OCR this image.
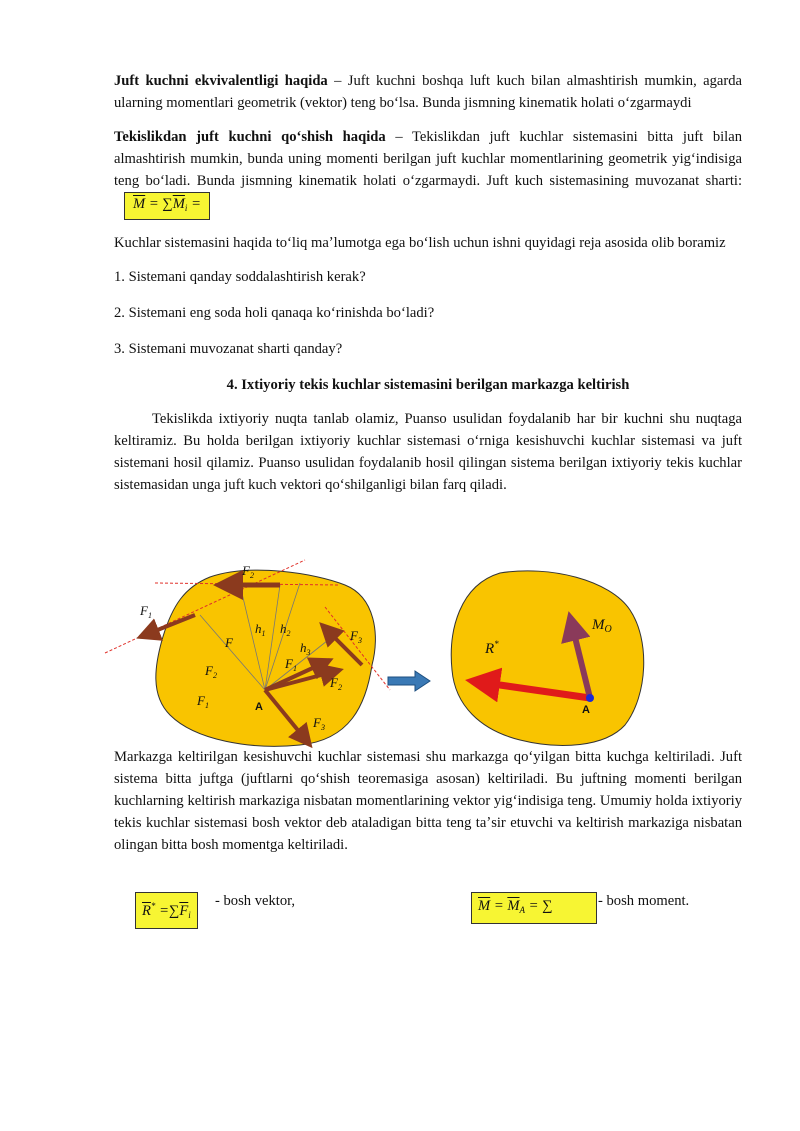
Juft kuchni ekvivalentligi haqida – Juft kuchni boshqa luft kuch bilan almashtirish mumkin, agarda ularning momentlari geometrik (vektor) teng boʻlsa. Bunda jismning kinematik holati oʻzgarmaydi

Tekislikdan juft kuchni qoʻshish haqida – Tekislikdan juft kuchlar sistemasini bitta juft bilan almashtirish mumkin, bunda uning momenti berilgan juft kuchlar momentlarining geometrik yigʻindisiga teng boʻladi. Bunda jismning kinematik holati oʻzgarmaydi. Juft kuch sistemasining muvozanat $sharti:\overline{M} = \sum\overline{M}_i$ =

Kuchlar sistemasini haqida toʻliq maʼlumotga ega boʻlish uchun ishni quyidagi reja asosida olib boramiz

1. Sistemani qanday soddalashtirish kerak?

2. Sistemani eng soda holi qanaqa koʻrinishda boʻladi?

3. Sistemani muvozanat sharti qanday?

4. Ixtiyoriy tekis kuchlar sistemasini berilgan markazga keltirish

Tekislikda ixtiyoriy nuqta tanlab olamiz, Puanso usulidan foydalanib har bir kuchni shu nuqtaga keltiramiz. Bu holda berilgan ixtiyoriy kuchlar sistemasi oʻrniga kesishuvchi kuchlar sistemasi va juft sistemani hosil qilamiz. Puanso usulidan foydalanib hosil qilingan sistema berilgan ixtiyoriy tekis kuchlar sistemasidan unga juft kuch vektori qoʻshilganligi bilan farq qiladi.

Markazga keltirilgan kesishuvchi kuchlar sistemasi shu markazga qoʻyilgan bitta kuchga keltiriladi. Juft sistema bitta juftga (juftlarni qoʻshish teoremasiga asosan) keltiriladi. Bu juftning momenti berilgan kuchlarning keltirish markaziga nisbatan momentlarining vektor yigʻindisiga teng. Umumiy holda ixtiyoriy tekis kuchlar sistemasi bosh vektor deb ataladigan bitta teng taʼsir etuvchi va keltirish markaziga nisbatan olingan bitta bosh momentga keltiriladi.

$F_2$
$F_1$
$F_3$
$h_1$ $h_2$
$h_3$
F
$F_2$
$F_1$
$F_1$
$F_2$
$F_3$
A
R*
$M_O$
A
$\overline{R}^* =\sum\overline{F}_i$
- bosh vektor,	$\overline{M} = \overline{M}_A$ = ∑	- bosh moment.
